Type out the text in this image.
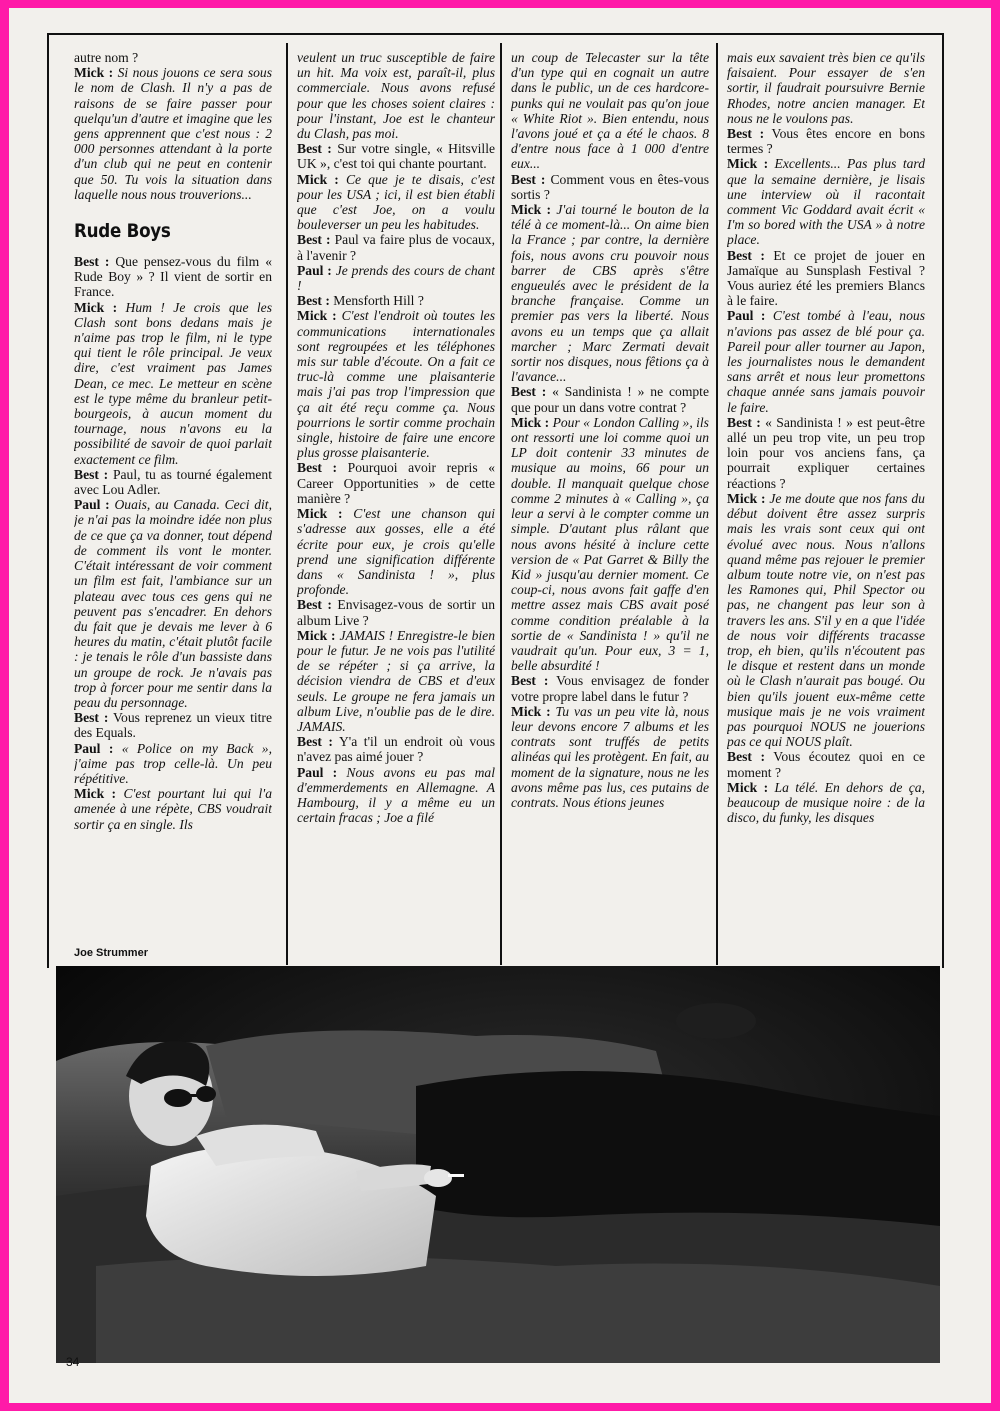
autre nom ?

Mick : Si nous jouons ce sera sous le nom de Clash. Il n'y a pas de raisons de se faire passer pour quelqu'un d'autre et imagine que les gens apprennent que c'est nous : 2 000 personnes attendant à la porte d'un club qui ne peut en contenir que 50. Tu vois la situation dans laquelle nous nous trouverions...

Rude Boys

Best : Que pensez-vous du film « Rude Boy » ? Il vient de sortir en France.

Mick : Hum ! Je crois que les Clash sont bons dedans mais je n'aime pas trop le film, ni le type qui tient le rôle principal. Je veux dire, c'est vraiment pas James Dean, ce mec. Le metteur en scène est le type même du branleur petit-bourgeois, à aucun moment du tournage, nous n'avons eu la possibilité de savoir de quoi parlait exactement ce film.

Best : Paul, tu as tourné également avec Lou Adler.

Paul : Ouais, au Canada. Ceci dit, je n'ai pas la moindre idée non plus de ce que ça va donner, tout dépend de comment ils vont le monter. C'était intéressant de voir comment un film est fait, l'ambiance sur un plateau avec tous ces gens qui ne peuvent pas s'encadrer. En dehors du fait que je devais me lever à 6 heures du matin, c'était plutôt facile : je tenais le rôle d'un bassiste dans un groupe de rock. Je n'avais pas trop à forcer pour me sentir dans la peau du personnage.

Best : Vous reprenez un vieux titre des Equals.

Paul : « Police on my Back », j'aime pas trop celle-là. Un peu répétitive.

Mick : C'est pourtant lui qui l'a amenée à une répète, CBS voudrait sortir ça en single. Ils

veulent un truc susceptible de faire un hit. Ma voix est, paraît-il, plus commerciale. Nous avons refusé pour que les choses soient claires : pour l'instant, Joe est le chanteur du Clash, pas moi.

Best : Sur votre single, « Hitsville UK », c'est toi qui chante pourtant.

Mick : Ce que je te disais, c'est pour les USA ; ici, il est bien établi que c'est Joe, on a voulu bouleverser un peu les habitudes.

Best : Paul va faire plus de vocaux, à l'avenir ?

Paul : Je prends des cours de chant !

Best : Mensforth Hill ?

Mick : C'est l'endroit où toutes les communications internationales sont regroupées et les téléphones mis sur table d'écoute. On a fait ce truc-là comme une plaisanterie mais j'ai pas trop l'impression que ça ait été reçu comme ça. Nous pourrions le sortir comme prochain single, histoire de faire une encore plus grosse plaisanterie.

Best : Pourquoi avoir repris « Career Opportunities » de cette manière ?

Mick : C'est une chanson qui s'adresse aux gosses, elle a été écrite pour eux, je crois qu'elle prend une signification différente dans « Sandinista ! », plus profonde.

Best : Envisagez-vous de sortir un album Live ?

Mick : JAMAIS ! Enregistre-le bien pour le futur. Je ne vois pas l'utilité de se répéter ; si ça arrive, la décision viendra de CBS et d'eux seuls. Le groupe ne fera jamais un album Live, n'oublie pas de le dire. JAMAIS.

Best : Y'a t'il un endroit où vous n'avez pas aimé jouer ?

Paul : Nous avons eu pas mal d'emmerdements en Allemagne. A Hambourg, il y a même eu un certain fracas ; Joe a filé

un coup de Telecaster sur la tête d'un type qui en cognait un autre dans le public, un de ces hardcore-punks qui ne voulait pas qu'on joue « White Riot ». Bien entendu, nous l'avons joué et ça a été le chaos. 8 d'entre nous face à 1 000 d'entre eux...

Best : Comment vous en êtes-vous sortis ?

Mick : J'ai tourné le bouton de la télé à ce moment-là... On aime bien la France ; par contre, la dernière fois, nous avons cru pouvoir nous barrer de CBS après s'être engueulés avec le président de la branche française. Comme un premier pas vers la liberté. Nous avons eu un temps que ça allait marcher ; Marc Zermati devait sortir nos disques, nous fêtions ça à l'avance...

Best : « Sandinista ! » ne compte que pour un dans votre contrat ?

Mick : Pour « London Calling », ils ont ressorti une loi comme quoi un LP doit contenir 33 minutes de musique au moins, 66 pour un double. Il manquait quelque chose comme 2 minutes à « Calling », ça leur a servi à le compter comme un simple. D'autant plus râlant que nous avons hésité à inclure cette version de « Pat Garret & Billy the Kid » jusqu'au dernier moment. Ce coup-ci, nous avons fait gaffe d'en mettre assez mais CBS avait posé comme condition préalable à la sortie de « Sandinista ! » qu'il ne vaudrait qu'un. Pour eux, 3 = 1, belle absurdité !

Best : Vous envisagez de fonder votre propre label dans le futur ?

Mick : Tu vas un peu vite là, nous leur devons encore 7 albums et les contrats sont truffés de petits alinéas qui les protègent. En fait, au moment de la signature, nous ne les avons même pas lus, ces putains de contrats. Nous étions jeunes

mais eux savaient très bien ce qu'ils faisaient. Pour essayer de s'en sortir, il faudrait poursuivre Bernie Rhodes, notre ancien manager. Et nous ne le voulons pas.

Best : Vous êtes encore en bons termes ?

Mick : Excellents... Pas plus tard que la semaine dernière, je lisais une interview où il racontait comment Vic Goddard avait écrit « I'm so bored with the USA » à notre place.

Best : Et ce projet de jouer en Jamaïque au Sunsplash Festival ? Vous auriez été les premiers Blancs à le faire.

Paul : C'est tombé à l'eau, nous n'avions pas assez de blé pour ça. Pareil pour aller tourner au Japon, les journalistes nous le demandent sans arrêt et nous leur promettons chaque année sans jamais pouvoir le faire.

Best : « Sandinista ! » est peut-être allé un peu trop vite, un peu trop loin pour vos anciens fans, ça pourrait expliquer certaines réactions ?

Mick : Je me doute que nos fans du début doivent être assez surpris mais les vrais sont ceux qui ont évolué avec nous. Nous n'allons quand même pas rejouer le premier album toute notre vie, on n'est pas les Ramones qui, Phil Spector ou pas, ne changent pas leur son à travers les ans. S'il y en a que l'idée de nous voir différents tracasse trop, eh bien, qu'ils n'écoutent pas le disque et restent dans un monde où le Clash n'aurait pas bougé. Ou bien qu'ils jouent eux-même cette musique mais je ne vois vraiment pas pourquoi NOUS ne jouerions pas ce qui NOUS plaît.

Best : Vous écoutez quoi en ce moment ?

Mick : La télé. En dehors de ça, beaucoup de musique noire : de la disco, du funky, les disques

Joe Strummer
34
